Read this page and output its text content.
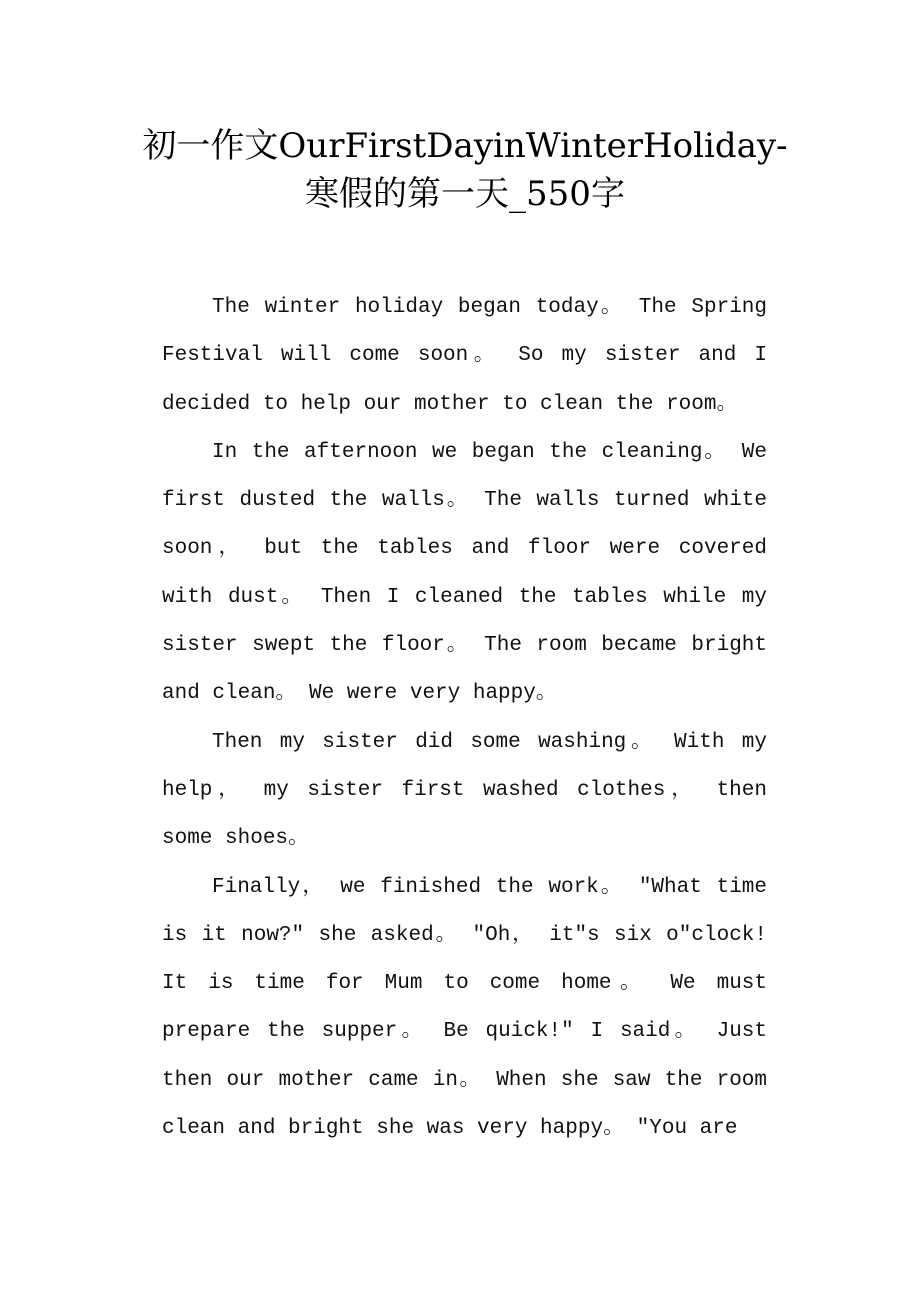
初一作文OurFirstDayinWinterHoliday-寒假的第一天_550字

The winter holiday began today。 The Spring Festival will come soon。 So my sister and I decided to help our mother to clean the room。

In the afternoon we began the cleaning。 We first dusted the walls。 The walls turned white soon， but the tables and floor were covered with dust。 Then I cleaned the tables while my sister swept the floor。 The room became bright and clean。 We were very happy。

Then my sister did some washing。 With my help， my sister first washed clothes， then some shoes。

Finally， we finished the work。 "What time is it now?" she asked。 "Oh， it"s six o"clock! It is time for Mum to come home。 We must prepare the supper。 Be quick!" I said。 Just then our mother came in。 When she saw the room clean and bright she was very happy。 "You are
